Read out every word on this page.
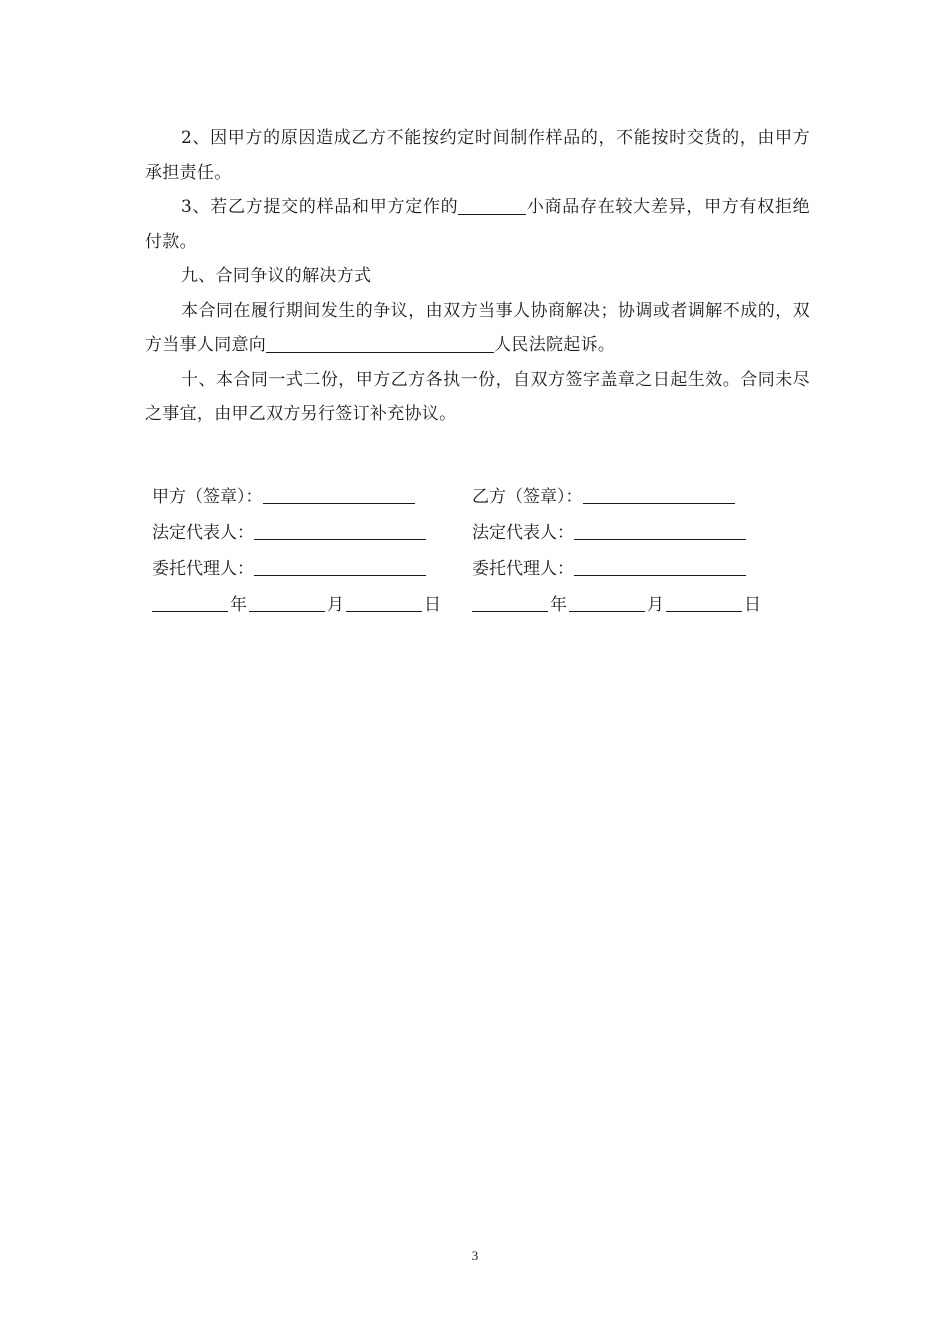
2、因甲方的原因造成乙方不能按约定时间制作样品的，不能按时交货的，由甲方承担责任。

3、若乙方提交的样品和甲方定作的	小商品存在较大差异，甲方有权拒绝付款。

九、合同争议的解决方式

本合同在履行期间发生的争议，由双方当事人协商解决；协调或者调解不成的，双方当事人同意向	人民法院起诉。

十、本合同一式二份，甲方乙方各执一份，自双方签字盖章之日起生效。合同未尽之事宜，由甲乙双方另行签订补充协议。

甲方（签章）：	乙方（签章）：
法定代表人：	法定代表人：
委托代理人：	委托代理人：
年	月	日	年	月	日
3
